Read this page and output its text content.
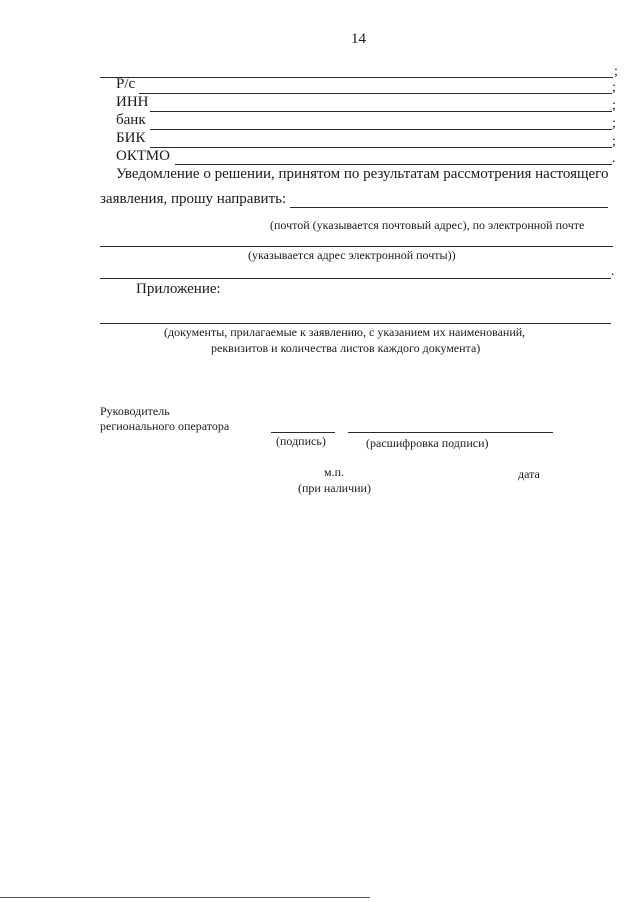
14
;
Р/с	;
ИНН	;
банк	;
БИК	;
ОКТМО	.
Уведомление о решении, принятом по результатам рассмотрения настоящего
заявления, прошу направить:
(почтой (указывается почтовый адрес), по электронной почте
(указывается адрес электронной почты))
.
Приложение:
(документы, прилагаемые к заявлению, с указанием их наименований,
реквизитов и количества листов каждого документа)
Руководитель
регионального оператора
(подпись)	(расшифровка подписи)
м.п.
(при наличии)
дата
